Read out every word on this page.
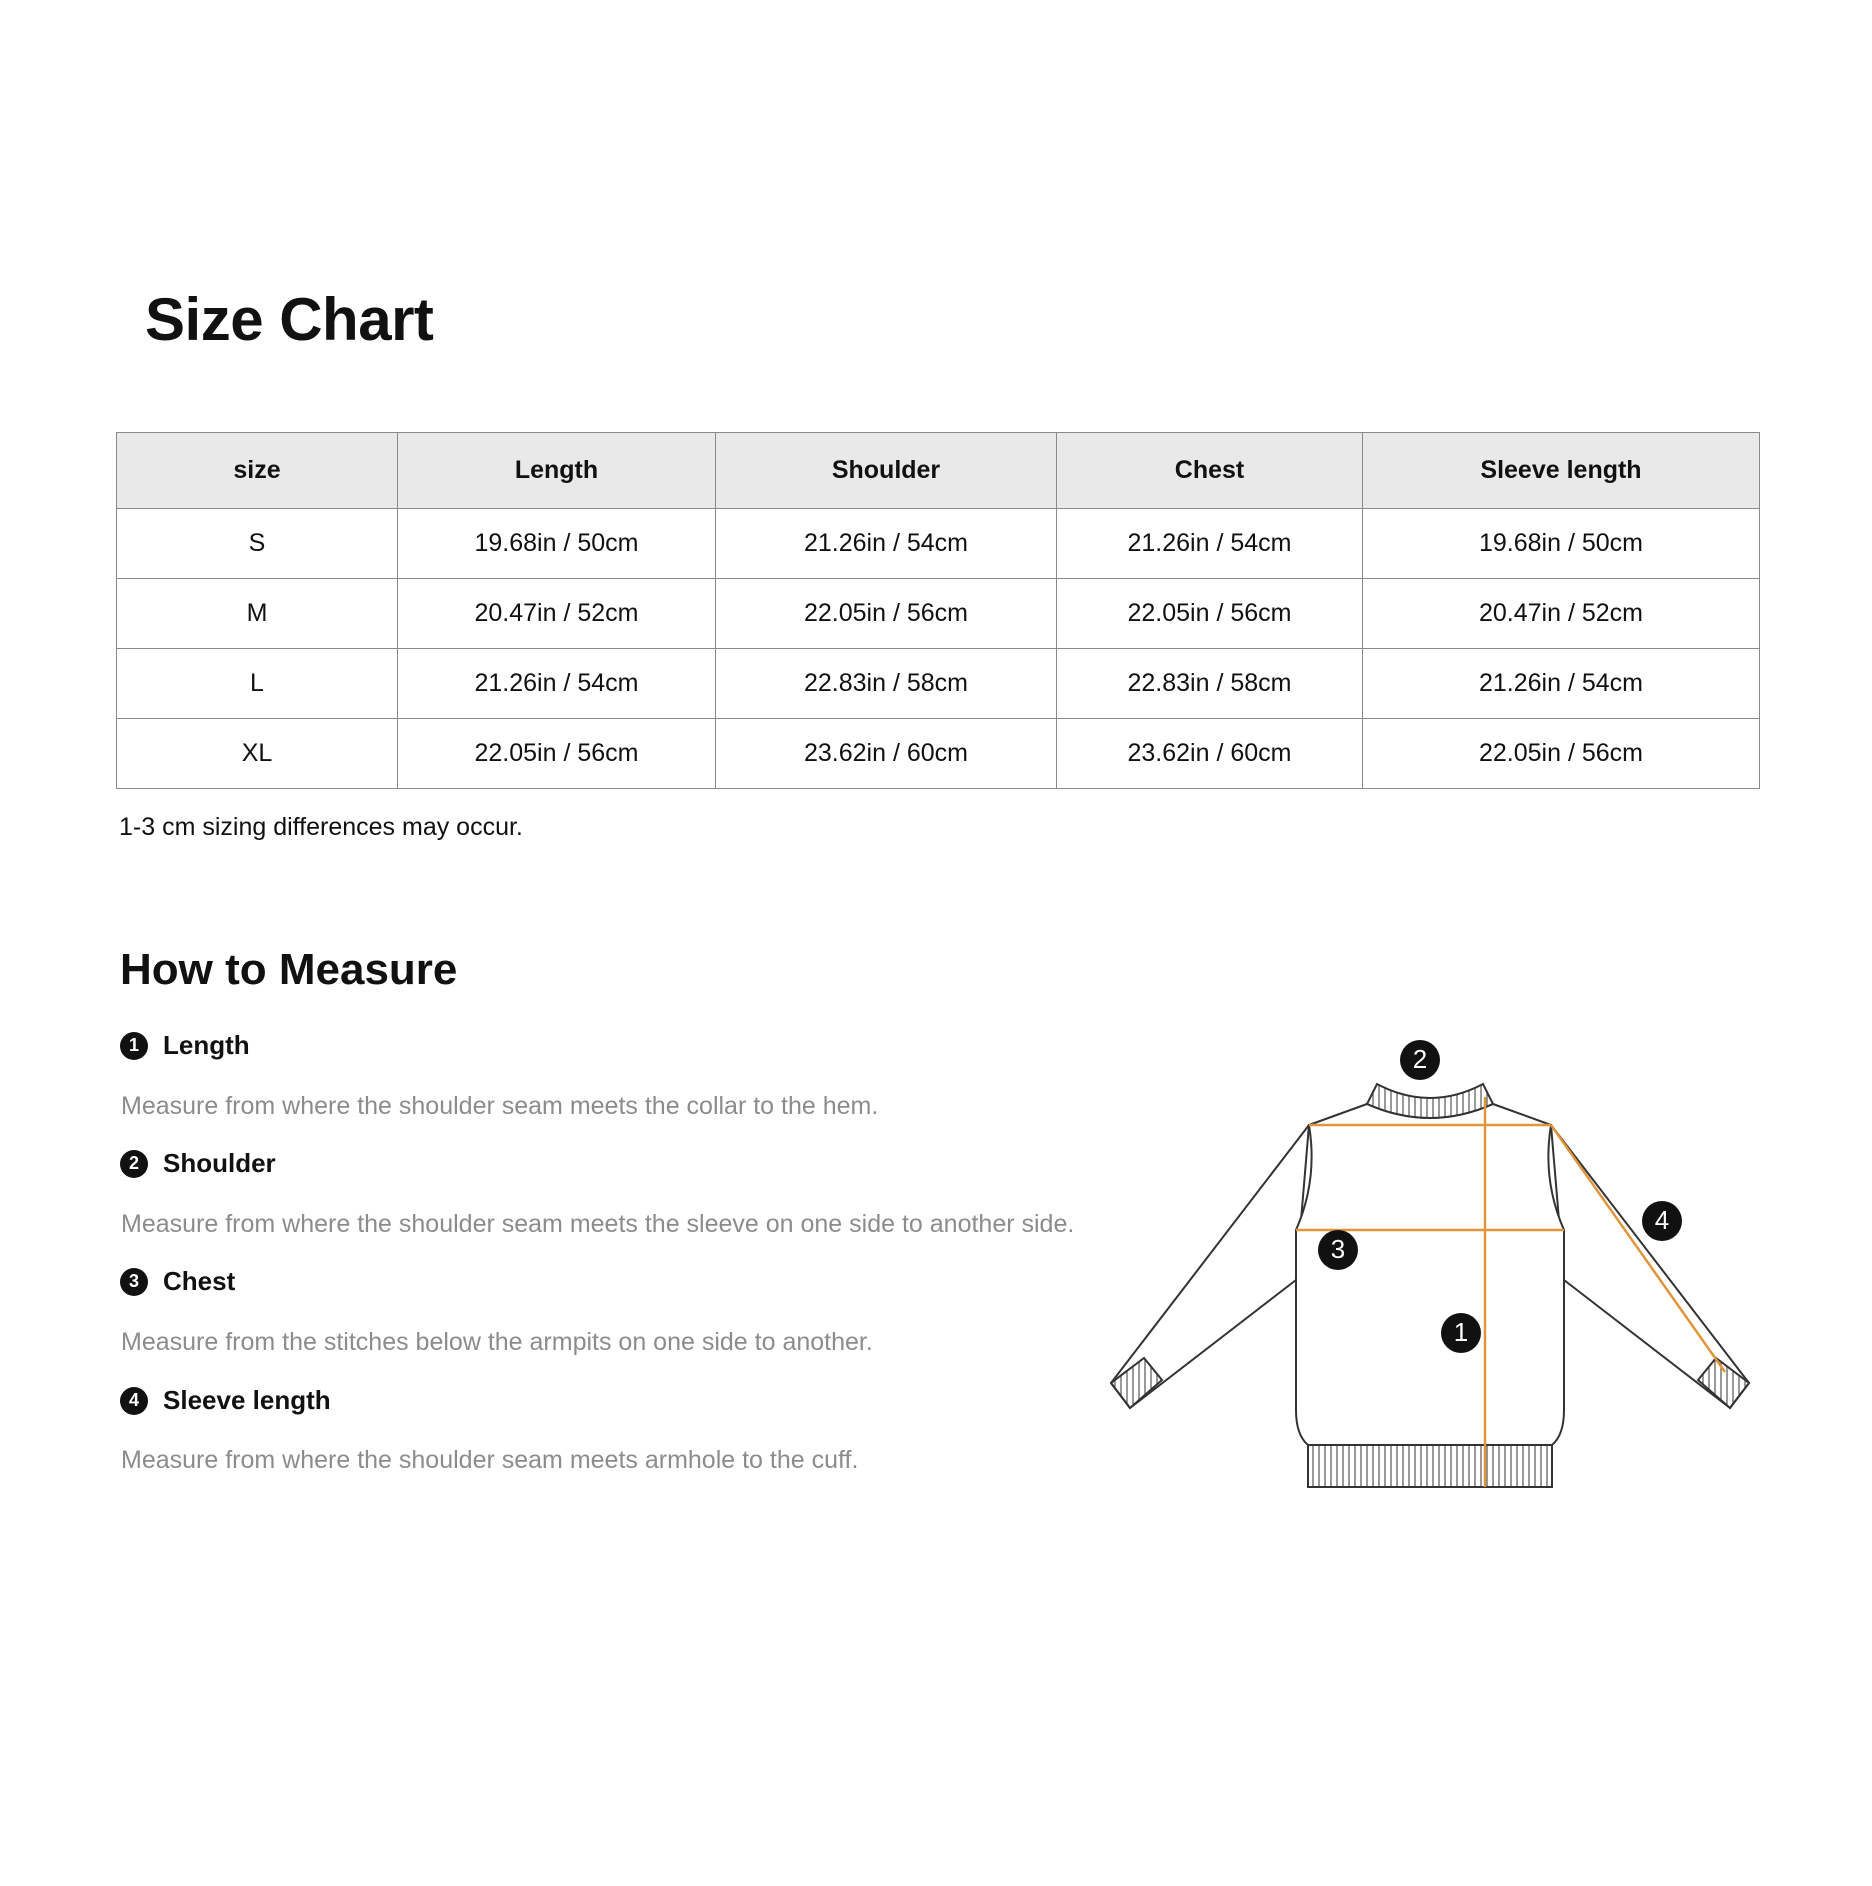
Size Chart
size	Length	Shoulder	Chest	Sleeve length
S	19.68in / 50cm	21.26in / 54cm	21.26in / 54cm	19.68in / 50cm
M	20.47in / 52cm	22.05in / 56cm	22.05in / 56cm	20.47in / 52cm
L	21.26in / 54cm	22.83in / 58cm	22.83in / 58cm	21.26in / 54cm
XL	22.05in / 56cm	23.62in / 60cm	23.62in / 60cm	22.05in / 56cm

1-3 cm sizing differences may occur.

How to Measure
1 Length

Measure from where the shoulder seam meets the collar to the hem.

2 Shoulder

Measure from where the shoulder seam meets the sleeve on one side to another side.

3 Chest

Measure from the stitches below the armpits on one side to another.

4 Sleeve length

Measure from where the shoulder seam meets armhole to the cuff.

2
3
1
4
